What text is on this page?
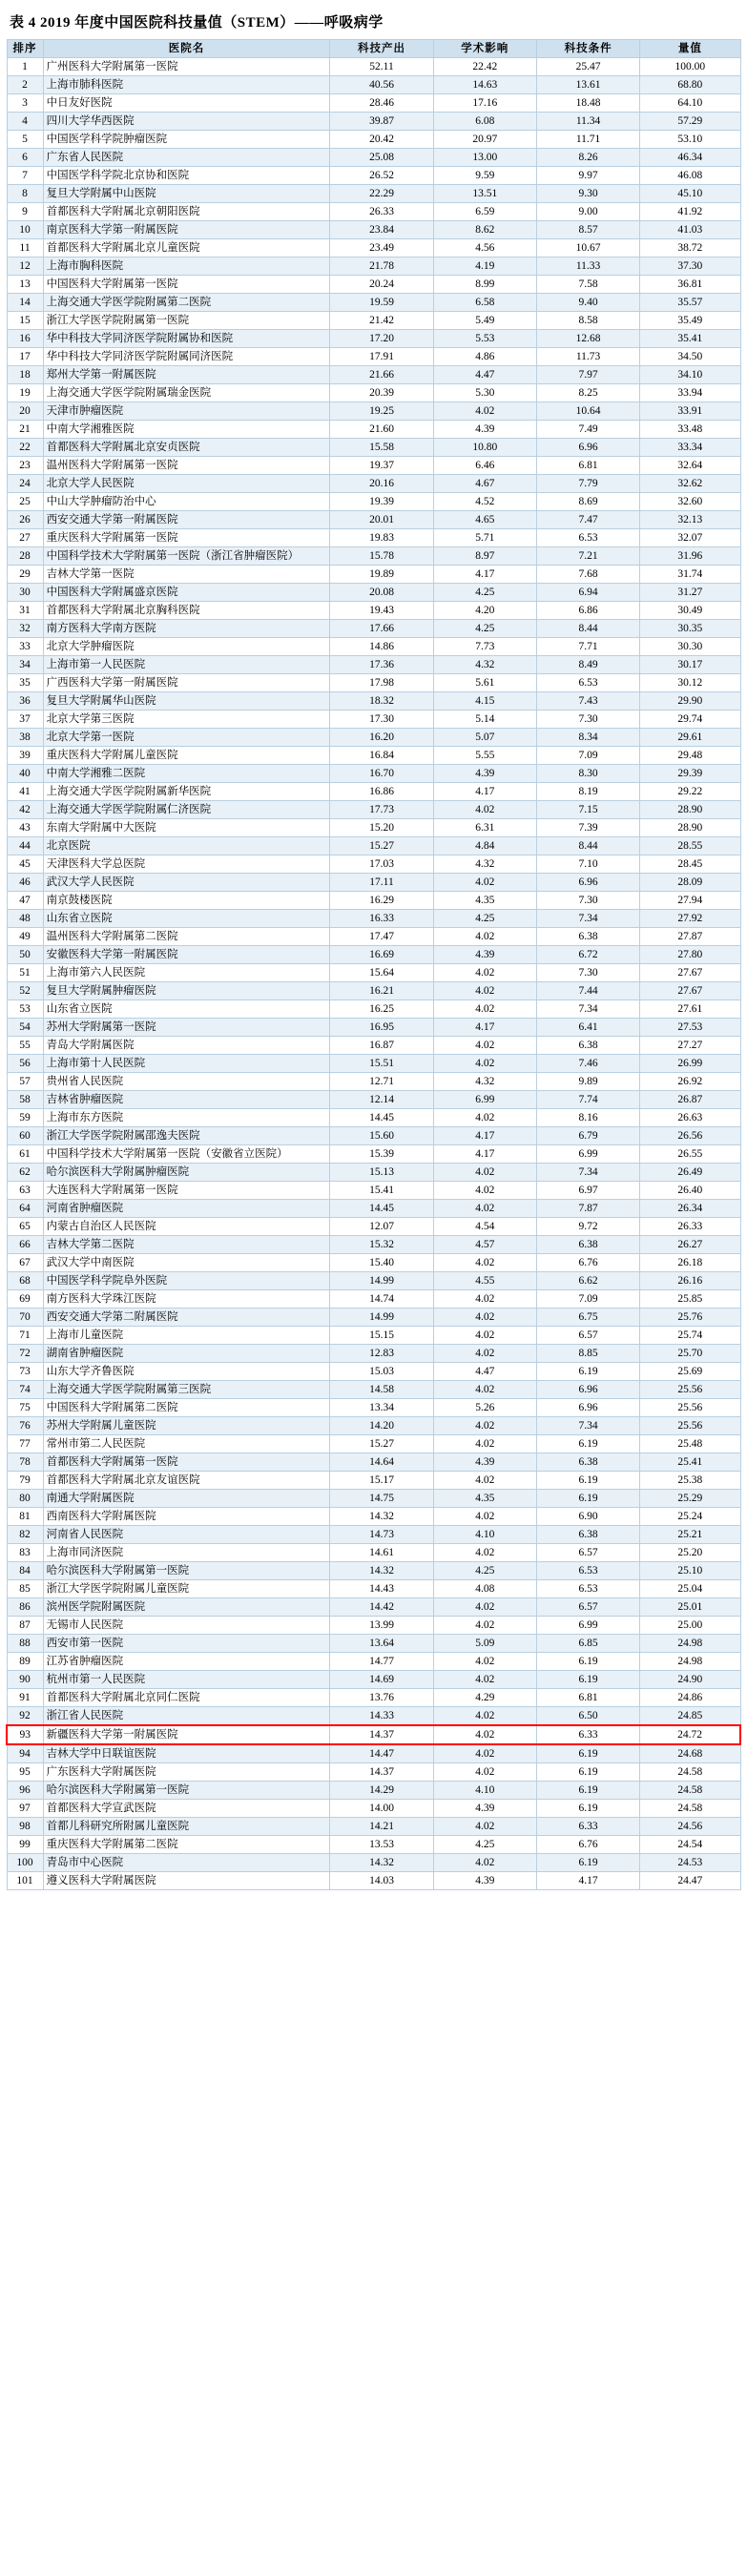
表 4 2019 年度中国医院科技量值（STEM）——呼吸病学
排序	医院名	科技产出	学术影响	科技条件	量值
1	广州医科大学附属第一医院	52.11	22.42	25.47	100.00
2	上海市肺科医院	40.56	14.63	13.61	68.80
3	中日友好医院	28.46	17.16	18.48	64.10
4	四川大学华西医院	39.87	6.08	11.34	57.29
5	中国医学科学院肿瘤医院	20.42	20.97	11.71	53.10
6	广东省人民医院	25.08	13.00	8.26	46.34
7	中国医学科学院北京协和医院	26.52	9.59	9.97	46.08
8	复旦大学附属中山医院	22.29	13.51	9.30	45.10
9	首都医科大学附属北京朝阳医院	26.33	6.59	9.00	41.92
10	南京医科大学第一附属医院	23.84	8.62	8.57	41.03
11	首都医科大学附属北京儿童医院	23.49	4.56	10.67	38.72
12	上海市胸科医院	21.78	4.19	11.33	37.30
13	中国医科大学附属第一医院	20.24	8.99	7.58	36.81
14	上海交通大学医学院附属第二医院	19.59	6.58	9.40	35.57
15	浙江大学医学院附属第一医院	21.42	5.49	8.58	35.49
16	华中科技大学同济医学院附属协和医院	17.20	5.53	12.68	35.41
17	华中科技大学同济医学院附属同济医院	17.91	4.86	11.73	34.50
18	郑州大学第一附属医院	21.66	4.47	7.97	34.10
19	上海交通大学医学院附属瑞金医院	20.39	5.30	8.25	33.94
20	天津市肿瘤医院	19.25	4.02	10.64	33.91
21	中南大学湘雅医院	21.60	4.39	7.49	33.48
22	首都医科大学附属北京安贞医院	15.58	10.80	6.96	33.34
23	温州医科大学附属第一医院	19.37	6.46	6.81	32.64
24	北京大学人民医院	20.16	4.67	7.79	32.62
25	中山大学肿瘤防治中心	19.39	4.52	8.69	32.60
26	西安交通大学第一附属医院	20.01	4.65	7.47	32.13
27	重庆医科大学附属第一医院	19.83	5.71	6.53	32.07
28	中国科学技术大学附属第一医院（浙江省肿瘤医院）	15.78	8.97	7.21	31.96
29	吉林大学第一医院	19.89	4.17	7.68	31.74
30	中国医科大学附属盛京医院	20.08	4.25	6.94	31.27
31	首都医科大学附属北京胸科医院	19.43	4.20	6.86	30.49
32	南方医科大学南方医院	17.66	4.25	8.44	30.35
33	北京大学肿瘤医院	14.86	7.73	7.71	30.30
34	上海市第一人民医院	17.36	4.32	8.49	30.17
35	广西医科大学第一附属医院	17.98	5.61	6.53	30.12
36	复旦大学附属华山医院	18.32	4.15	7.43	29.90
37	北京大学第三医院	17.30	5.14	7.30	29.74
38	北京大学第一医院	16.20	5.07	8.34	29.61
39	重庆医科大学附属儿童医院	16.84	5.55	7.09	29.48
40	中南大学湘雅二医院	16.70	4.39	8.30	29.39
41	上海交通大学医学院附属新华医院	16.86	4.17	8.19	29.22
42	上海交通大学医学院附属仁济医院	17.73	4.02	7.15	28.90
43	东南大学附属中大医院	15.20	6.31	7.39	28.90
44	北京医院	15.27	4.84	8.44	28.55
45	天津医科大学总医院	17.03	4.32	7.10	28.45
46	武汉大学人民医院	17.11	4.02	6.96	28.09
47	南京鼓楼医院	16.29	4.35	7.30	27.94
48	山东省立医院	16.33	4.25	7.34	27.92
49	温州医科大学附属第二医院	17.47	4.02	6.38	27.87
50	安徽医科大学第一附属医院	16.69	4.39	6.72	27.80
51	上海市第六人民医院	15.64	4.02	7.30	27.67
52	复旦大学附属肿瘤医院	16.21	4.02	7.44	27.67
53	山东省立医院	16.25	4.02	7.34	27.61
54	苏州大学附属第一医院	16.95	4.17	6.41	27.53
55	青岛大学附属医院	16.87	4.02	6.38	27.27
56	上海市第十人民医院	15.51	4.02	7.46	26.99
57	贵州省人民医院	12.71	4.32	9.89	26.92
58	吉林省肿瘤医院	12.14	6.99	7.74	26.87
59	上海市东方医院	14.45	4.02	8.16	26.63
60	浙江大学医学院附属邵逸夫医院	15.60	4.17	6.79	26.56
61	中国科学技术大学附属第一医院（安徽省立医院）	15.39	4.17	6.99	26.55
62	哈尔滨医科大学附属肿瘤医院	15.13	4.02	7.34	26.49
63	大连医科大学附属第一医院	15.41	4.02	6.97	26.40
64	河南省肿瘤医院	14.45	4.02	7.87	26.34
65	内蒙古自治区人民医院	12.07	4.54	9.72	26.33
66	吉林大学第二医院	15.32	4.57	6.38	26.27
67	武汉大学中南医院	15.40	4.02	6.76	26.18
68	中国医学科学院阜外医院	14.99	4.55	6.62	26.16
69	南方医科大学珠江医院	14.74	4.02	7.09	25.85
70	西安交通大学第二附属医院	14.99	4.02	6.75	25.76
71	上海市儿童医院	15.15	4.02	6.57	25.74
72	湖南省肿瘤医院	12.83	4.02	8.85	25.70
73	山东大学齐鲁医院	15.03	4.47	6.19	25.69
74	上海交通大学医学院附属第三医院	14.58	4.02	6.96	25.56
75	中国医科大学附属第二医院	13.34	5.26	6.96	25.56
76	苏州大学附属儿童医院	14.20	4.02	7.34	25.56
77	常州市第二人民医院	15.27	4.02	6.19	25.48
78	首都医科大学附属第一医院	14.64	4.39	6.38	25.41
79	首都医科大学附属北京友谊医院	15.17	4.02	6.19	25.38
80	南通大学附属医院	14.75	4.35	6.19	25.29
81	西南医科大学附属医院	14.32	4.02	6.90	25.24
82	河南省人民医院	14.73	4.10	6.38	25.21
83	上海市同济医院	14.61	4.02	6.57	25.20
84	哈尔滨医科大学附属第一医院	14.32	4.25	6.53	25.10
85	浙江大学医学院附属儿童医院	14.43	4.08	6.53	25.04
86	滨州医学院附属医院	14.42	4.02	6.57	25.01
87	无锡市人民医院	13.99	4.02	6.99	25.00
88	西安市第一医院	13.64	5.09	6.85	24.98
89	江苏省肿瘤医院	14.77	4.02	6.19	24.98
90	杭州市第一人民医院	14.69	4.02	6.19	24.90
91	首都医科大学附属北京同仁医院	13.76	4.29	6.81	24.86
92	浙江省人民医院	14.33	4.02	6.50	24.85
93	新疆医科大学第一附属医院	14.37	4.02	6.33	24.72
94	吉林大学中日联谊医院	14.47	4.02	6.19	24.68
95	广东医科大学附属医院	14.37	4.02	6.19	24.58
96	哈尔滨医科大学附属第一医院	14.29	4.10	6.19	24.58
97	首都医科大学宣武医院	14.00	4.39	6.19	24.58
98	首都儿科研究所附属儿童医院	14.21	4.02	6.33	24.56
99	重庆医科大学附属第二医院	13.53	4.25	6.76	24.54
100	青岛市中心医院	14.32	4.02	6.19	24.53
101	遵义医科大学附属医院	14.03	4.39	4.17	24.47
